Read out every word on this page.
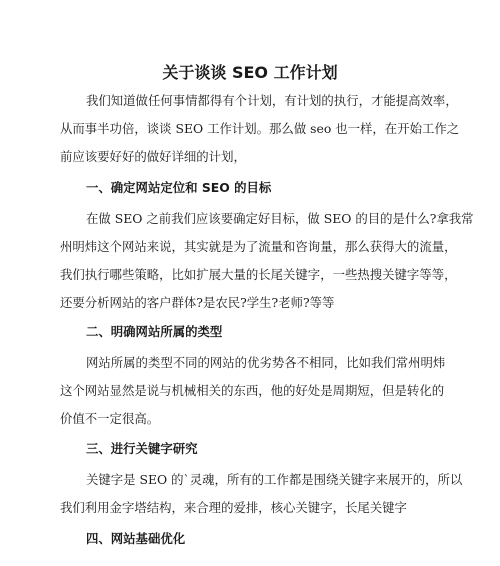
关于谈谈 SEO 工作计划
我们知道做任何事情都得有个计划，有计划的执行，才能提高效率，
从而事半功倍，谈谈 SEO 工作计划。那么做 seo 也一样，在开始工作之
前应该要好好的做好详细的计划，
一、确定网站定位和 SEO 的目标
在做 SEO 之前我们应该要确定好目标，做 SEO 的目的是什么?拿我常
州明炜这个网站来说，其实就是为了流量和咨询量，那么获得大的流量，
我们执行哪些策略，比如扩展大量的长尾关键字，一些热搜关键字等等，
还要分析网站的客户群体?是农民?学生?老师?等等
二、明确网站所属的类型
网站所属的类型不同的网站的优劣势各不相同，比如我们常州明炜
这个网站显然是说与机械相关的东西，他的好处是周期短，但是转化的
价值不一定很高。
三、进行关键字研究
关键字是 SEO 的`灵魂，所有的工作都是围绕关键字来展开的，所以
我们利用金字塔结构，来合理的爱排，核心关键字，长尾关键字
四、网站基础优化
